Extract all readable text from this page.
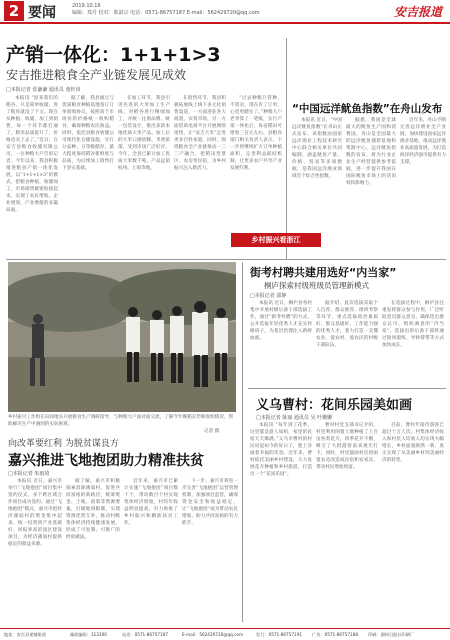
2 要闻	2019.10.16
编辑：郑丹 校对：陈淑宗 电话：0571-86757187 E-mail：562429720@qq.com	安吉报道
产销一体化：1+1+1>3
安吉推进粮食全产业链发展见成效
□本报记者 张谦谦 通讯员 童轩昂

本报讯 “原来我们的稻谷，只是简单收储，进了粮库就没了下文。现在从种植、收储、加工到销售，每一个环节都打通了，稻米品质提升了，价格也卖上去了。”近日，在安吉县粮食收储有限公司，一位种粮大户告诉记者。今年以来，我县积极推进粮食产销一体化发展，以“1+1+1>3”的模式，把粮食种植、收储加工、市场销售紧密衔接起来，实现了农民增收、企业增效、产业增值的多赢局面。

据了解，我县通过与优质粮食种植基地签订订单收购协议，按照高于市场价的价格统一收购稻谷，确保种粮农民收益。同时，依托县粮食收储公司现代化仓储设施，实行分品种、分等级储存，最大程度保持稻谷新鲜度与品质，为后续加工销售打下坚实基础。

在加工环节，我县引进先进的大米加工生产线，对稻谷进行精细加工，并统一注册品牌、统一包装设计，推出多款本地优质大米产品。加工后的大米口感软糯、米香浓郁，受到市场广泛好评。今年，全县已累计加工优质大米数千吨，产品远销杭州、上海等地。

在销售环节，我县积极拓展线上线下多元化销售渠道，一方面进驻各大商超、农贸市场，另一方面借助电商平台开展网络销售，让“安吉大米”走进更多百姓家庭。同时，围绕粮食全产业链推动一二三产融合，把稻田变景区、农房变民宿，为乡村振兴注入新活力。

“过去种粮只管种，不管卖，现在有了订单，心里更踏实了。”种粮大户老李算了一笔账，实行产销一体化后，每亩稻田可增收三百元左右。县粮食部门相关负责人表示，下一步将继续扩大订单种植面积，完善利益联结机制，让更多农户共享产业发展红利。

“中国远洋鱿鱼指数”在舟山发布

本报讯 近日，“中国远洋鱿鱼指数”在舟山正式发布。该指数由国家远洋渔业工程技术研究中心联合相关单位共同编制，涵盖鱿鱼产量、价格、贸易等多项数据，是我国远洋渔业领域首个综合性指数。

据悉，我国是全球最大的鱿鱼生产国和消费国，舟山是全国最大的远洋鱿鱼捕捞基地和集散中心。远洋鱿鱼指数的发布，将为行业企业生产经营提供参考依据，进一步提升我国在国际鱿鱼市场上的话语权和影响力。

近年来，舟山不断完善远洋渔业全产业链，加快建设国家远洋渔业基地，推动远洋渔业高质量发展，为打造海洋经济强市提供有力支撑。

乡村振兴看浙江
乡村振兴工作组在田间地头开展粮食生产调研指导，与种粮大户面对面交流，了解今年晚稻长势和收购情况，帮助解决生产中遇到的实际困难。
记者 摄
街考村聘共建用选好“内当家”
桐庐探索村级班级员管理新模式
□本报记者 邵静

本报讯 近日，桐庐县各村集中开展村级后备干部选拔工作，通过“街考村聘”的方式，公开选拔年轻优秀人才充实村级班子，为基层治理注入新鲜血液。

据介绍，此次选拔采取个人自荐、群众推荐、组织考察等环节，重点选拔政治素质好、群众基础好、工作能力强的优秀人才，着力打造一支懂农业、爱农村、爱农民的村级干部队伍。

在选拔过程中，桐庐县注重发挥群众参与作用，广泛听取党员群众意见，确保选出群众认可、组织满意的“内当家”。选拔出的后备干部将通过轮岗锻炼、导师帮带等方式加快成长。

义乌曹村：花间乐园美如画
□本报记者 陈丽 通讯员 吴 叶姗姗

本报讯 “每年到了花季，这里都是游人如织，家里的民宿天天爆满。”义乌市曹村的村民说起如今的好日子，脸上洋溢着幸福的笑容。近年来，曹村依托美丽乡村建设，大力发展花卉种植和乡村旅游，打造出一个“花间乐园”。

曹村村党支部书记介绍，村里利用闲置土地种植了上百亩各类花卉，四季花开不断，吸引了大批游客前来观光打卡。同时，村里鼓励村民将闲置农房改造成民宿和农家乐，带动村民增收致富。

目前，曹村年接待游客已超过十万人次，村集体经济收入和村民人均收入均实现大幅增长，乡村面貌焕然一新，真正实现了从美丽乡村到美丽经济的转变。

向改革要红利 为脱贫谋良方
嘉兴推进飞地抱团助力精准扶贫
□本报记者 朱雨琦

本报讯 近日，嘉兴市举行“飞地抱团”项目集中签约仪式，多个跨区域合作项目成功签约。通过“飞地抱团”模式，嘉兴市把经济薄弱村的资金集中起来，统一投资到产业基础好、回报率高的园区建设项目，为经济薄弱村提供稳定的收益来源。

据了解，嘉兴市积极探索消除薄弱村、促进共同富裕的新路径，统筹资金、土地、政策等资源要素，打破地域限制，实现资源优势互补，推动村级集体经济持续健康发展，形成了可复制、可推广的经验做法。

近年来，嘉兴市已累计实施“飞地抱团”项目数十个，带动数百个村实现集体经济增收，村均年收益明显提高，有力助推了乡村振兴和精准扶贫工作。

下一步，嘉兴市将进一步完善“飞地抱团”运营管理机制，加强项目监管，确保资金安全和收益稳定，让“飞地抱团”成为带动农民增收、助力共同富裕的有力抓手。

地址：安吉县递铺街道	邮政编码：313300	电话：0571-86757187	E-mail：562429720@qq.com	发行：0571-86757191 广告：0571-86757188 印刷：湖州日报社印刷厂
